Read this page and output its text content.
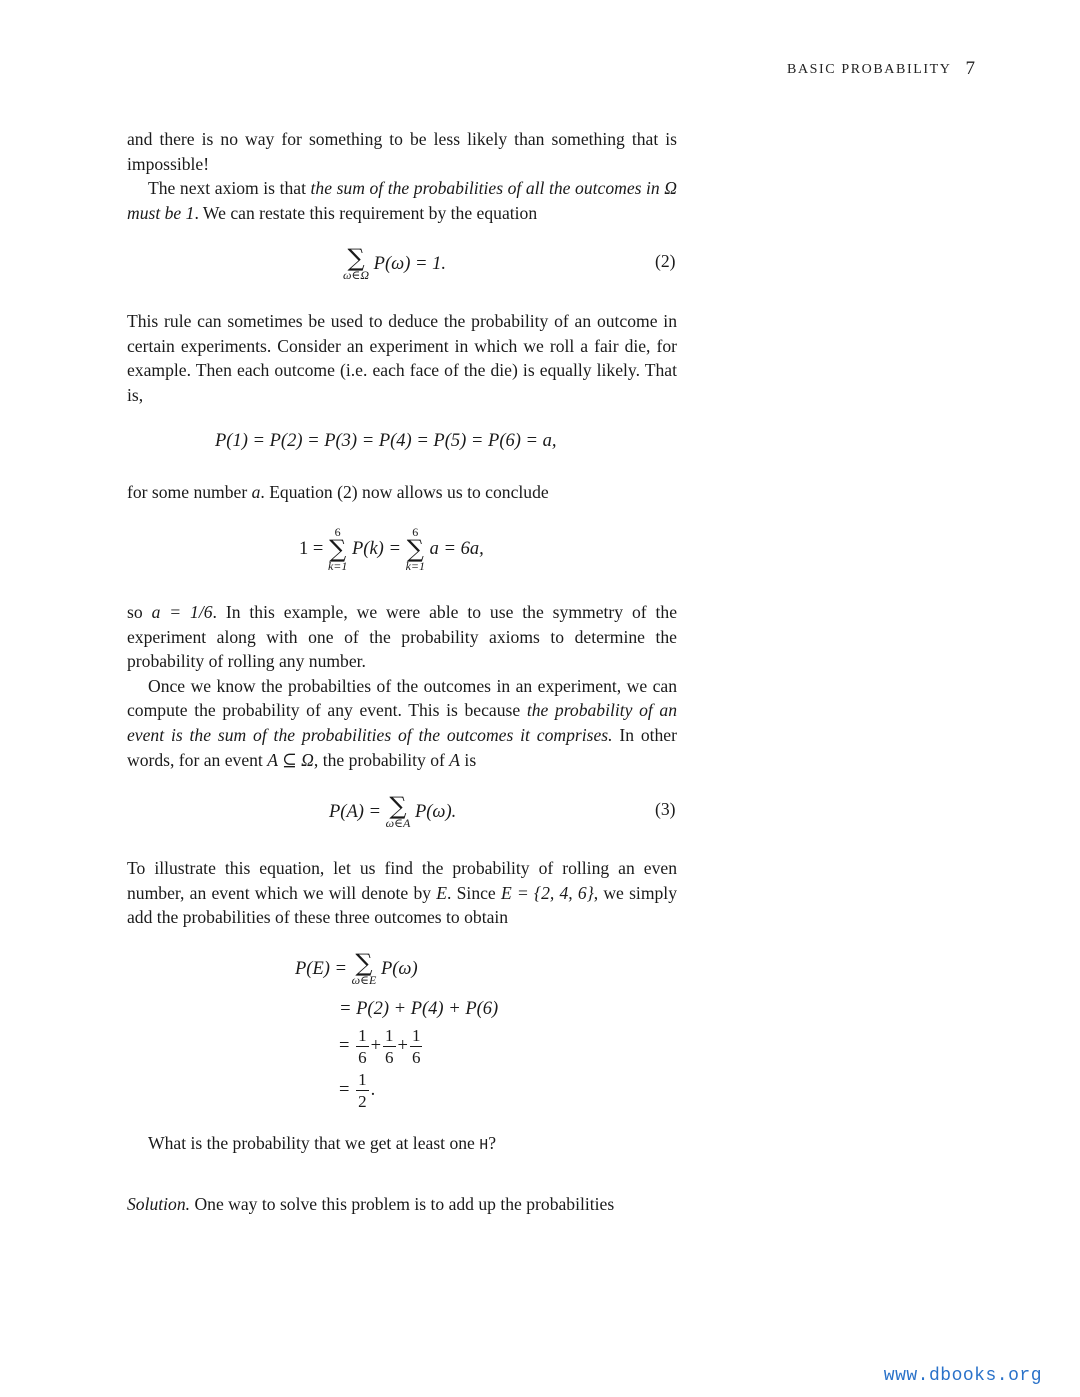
BASIC PROBABILITY 7

and there is no way for something to be less likely than something that is impossible!

The next axiom is that the sum of the probabilities of all the outcomes in Ω must be 1. We can restate this requirement by the equation

∑
ω∈Ω
P(ω) = 1.	(2)

This rule can sometimes be used to deduce the probability of an outcome in certain experiments. Consider an experiment in which we roll a fair die, for example. Then each outcome (i.e. each face of the die) is equally likely. That is,

P(1) = P(2) = P(3) = P(4) = P(5) = P(6) = a,

for some number a. Equation (2) now allows us to conclude

1 =
6
∑
k=1
P(k) =
6
∑
k=1
a = 6a,

so a = 1/6. In this example, we were able to use the symmetry of the experiment along with one of the probability axioms to determine the probability of rolling any number.

Once we know the probabilties of the outcomes in an experiment, we can compute the probability of any event. This is because the probability of an event is the sum of the probabilities of the outcomes it comprises. In other words, for an event A ⊆ Ω, the probability of A is

P(A) = ∑
ω∈A
P(ω).	(3)

To illustrate this equation, let us find the probability of rolling an even number, an event which we will denote by E. Since E = {2, 4, 6}, we simply add the probabilities of these three outcomes to obtain

P(E) = ∑
ω∈E
P(ω)
= P(2) + P(4) + P(6)
= $\frac{1}{6} + \frac{1}{6} + \frac{1}{6}$
= $\frac{1}{2}$ .

What is the probability that we get at least one H?

Solution. One way to solve this problem is to add up the probabilities

www.dbooks.org
